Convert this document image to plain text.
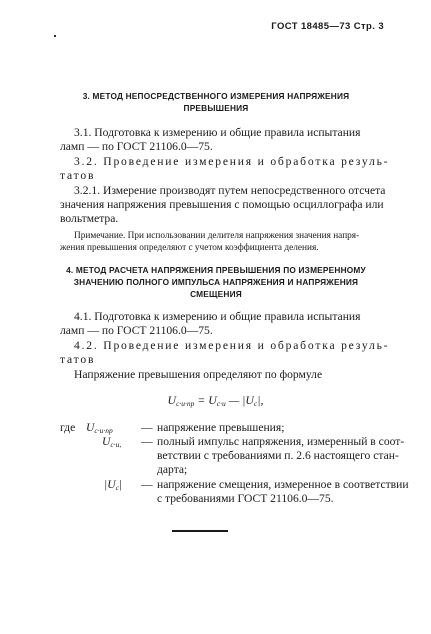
ГОСТ 18485—73 Стр. 3
3. МЕТОД НЕПОСРЕДСТВЕННОГО ИЗМЕРЕНИЯ НАПРЯЖЕНИЯ
ПРЕВЫШЕНИЯ
3.1. Подготовка к измерению и общие правила испытания
ламп — по ГОСТ 21106.0—75.
3.2. Проведение измерения и обработка резуль-
татов
3.2.1. Измерение производят путем непосредственного отсчета
значения напряжения превышения с помощью осциллографа или
вольтметра.
Примечание. При использовании делителя напряжения значения напря-
жения превышения определяют с учетом коэффициента деления.
4. МЕТОД РАСЧЕТА НАПРЯЖЕНИЯ ПРЕВЫШЕНИЯ ПО ИЗМЕРЕННОМУ
ЗНАЧЕНИЮ ПОЛНОГО ИМПУЛЬСА НАПРЯЖЕНИЯ И НАПРЯЖЕНИЯ
СМЕЩЕНИЯ
4.1. Подготовка к измерению и общие правила испытания
ламп — по ГОСТ 21106.0—75.
4.2. Проведение измерения и обработка резуль-
татов
Напряжение превышения определяют по формуле
$U_{с\cdot и\cdot пр} = U_{с\cdot и}$ — $|U_с|$,
где $U_{с\cdot и\cdot пр}$ — напряжение превышения;
$U_{с\cdot и,}$ — полный импульс напряжения, измеренный в соот-
ветствии с требованиями п. 2.6 настоящего стан-
дарта;
$|U_с|$ — напряжение смещения, измеренное в соответствии
с требованиями ГОСТ 21106.0—75.
